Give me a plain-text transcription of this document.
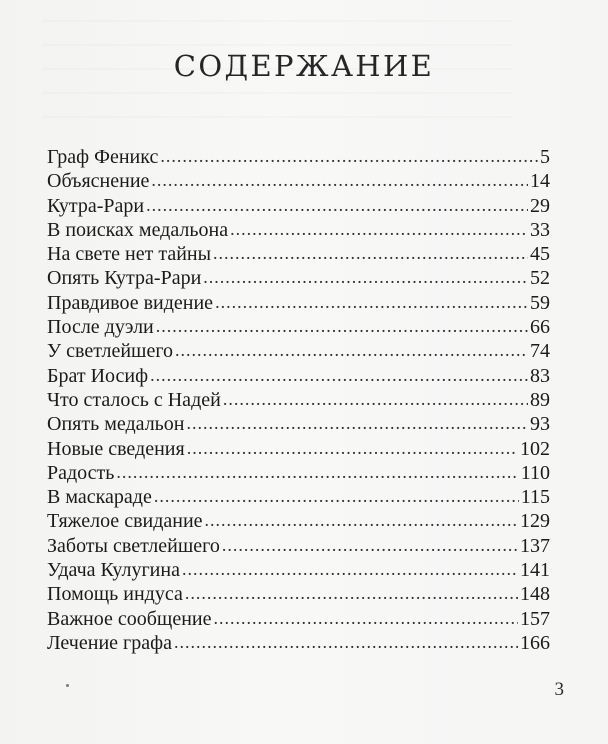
СОДЕРЖАНИЕ
Граф Феникс .....	5
Объяснение .....	14
Кутра-Рари .....	29
В поисках медальона .....	33
На свете нет тайны .....	45
Опять Кутра-Рари .....	52
Правдивое видение .....	59
После дуэли .....	66
У светлейшего .....	74
Брат Иосиф .....	83
Что сталось с Надей .....	89
Опять медальон .....	93
Новые сведения .....	102
Радость .....	110
В маскараде .....	115
Тяжелое свидание .....	129
Заботы светлейшего .....	137
Удача Кулугина .....	141
Помощь индуса .....	148
Важное сообщение .....	157
Лечение графа .....	166
3
